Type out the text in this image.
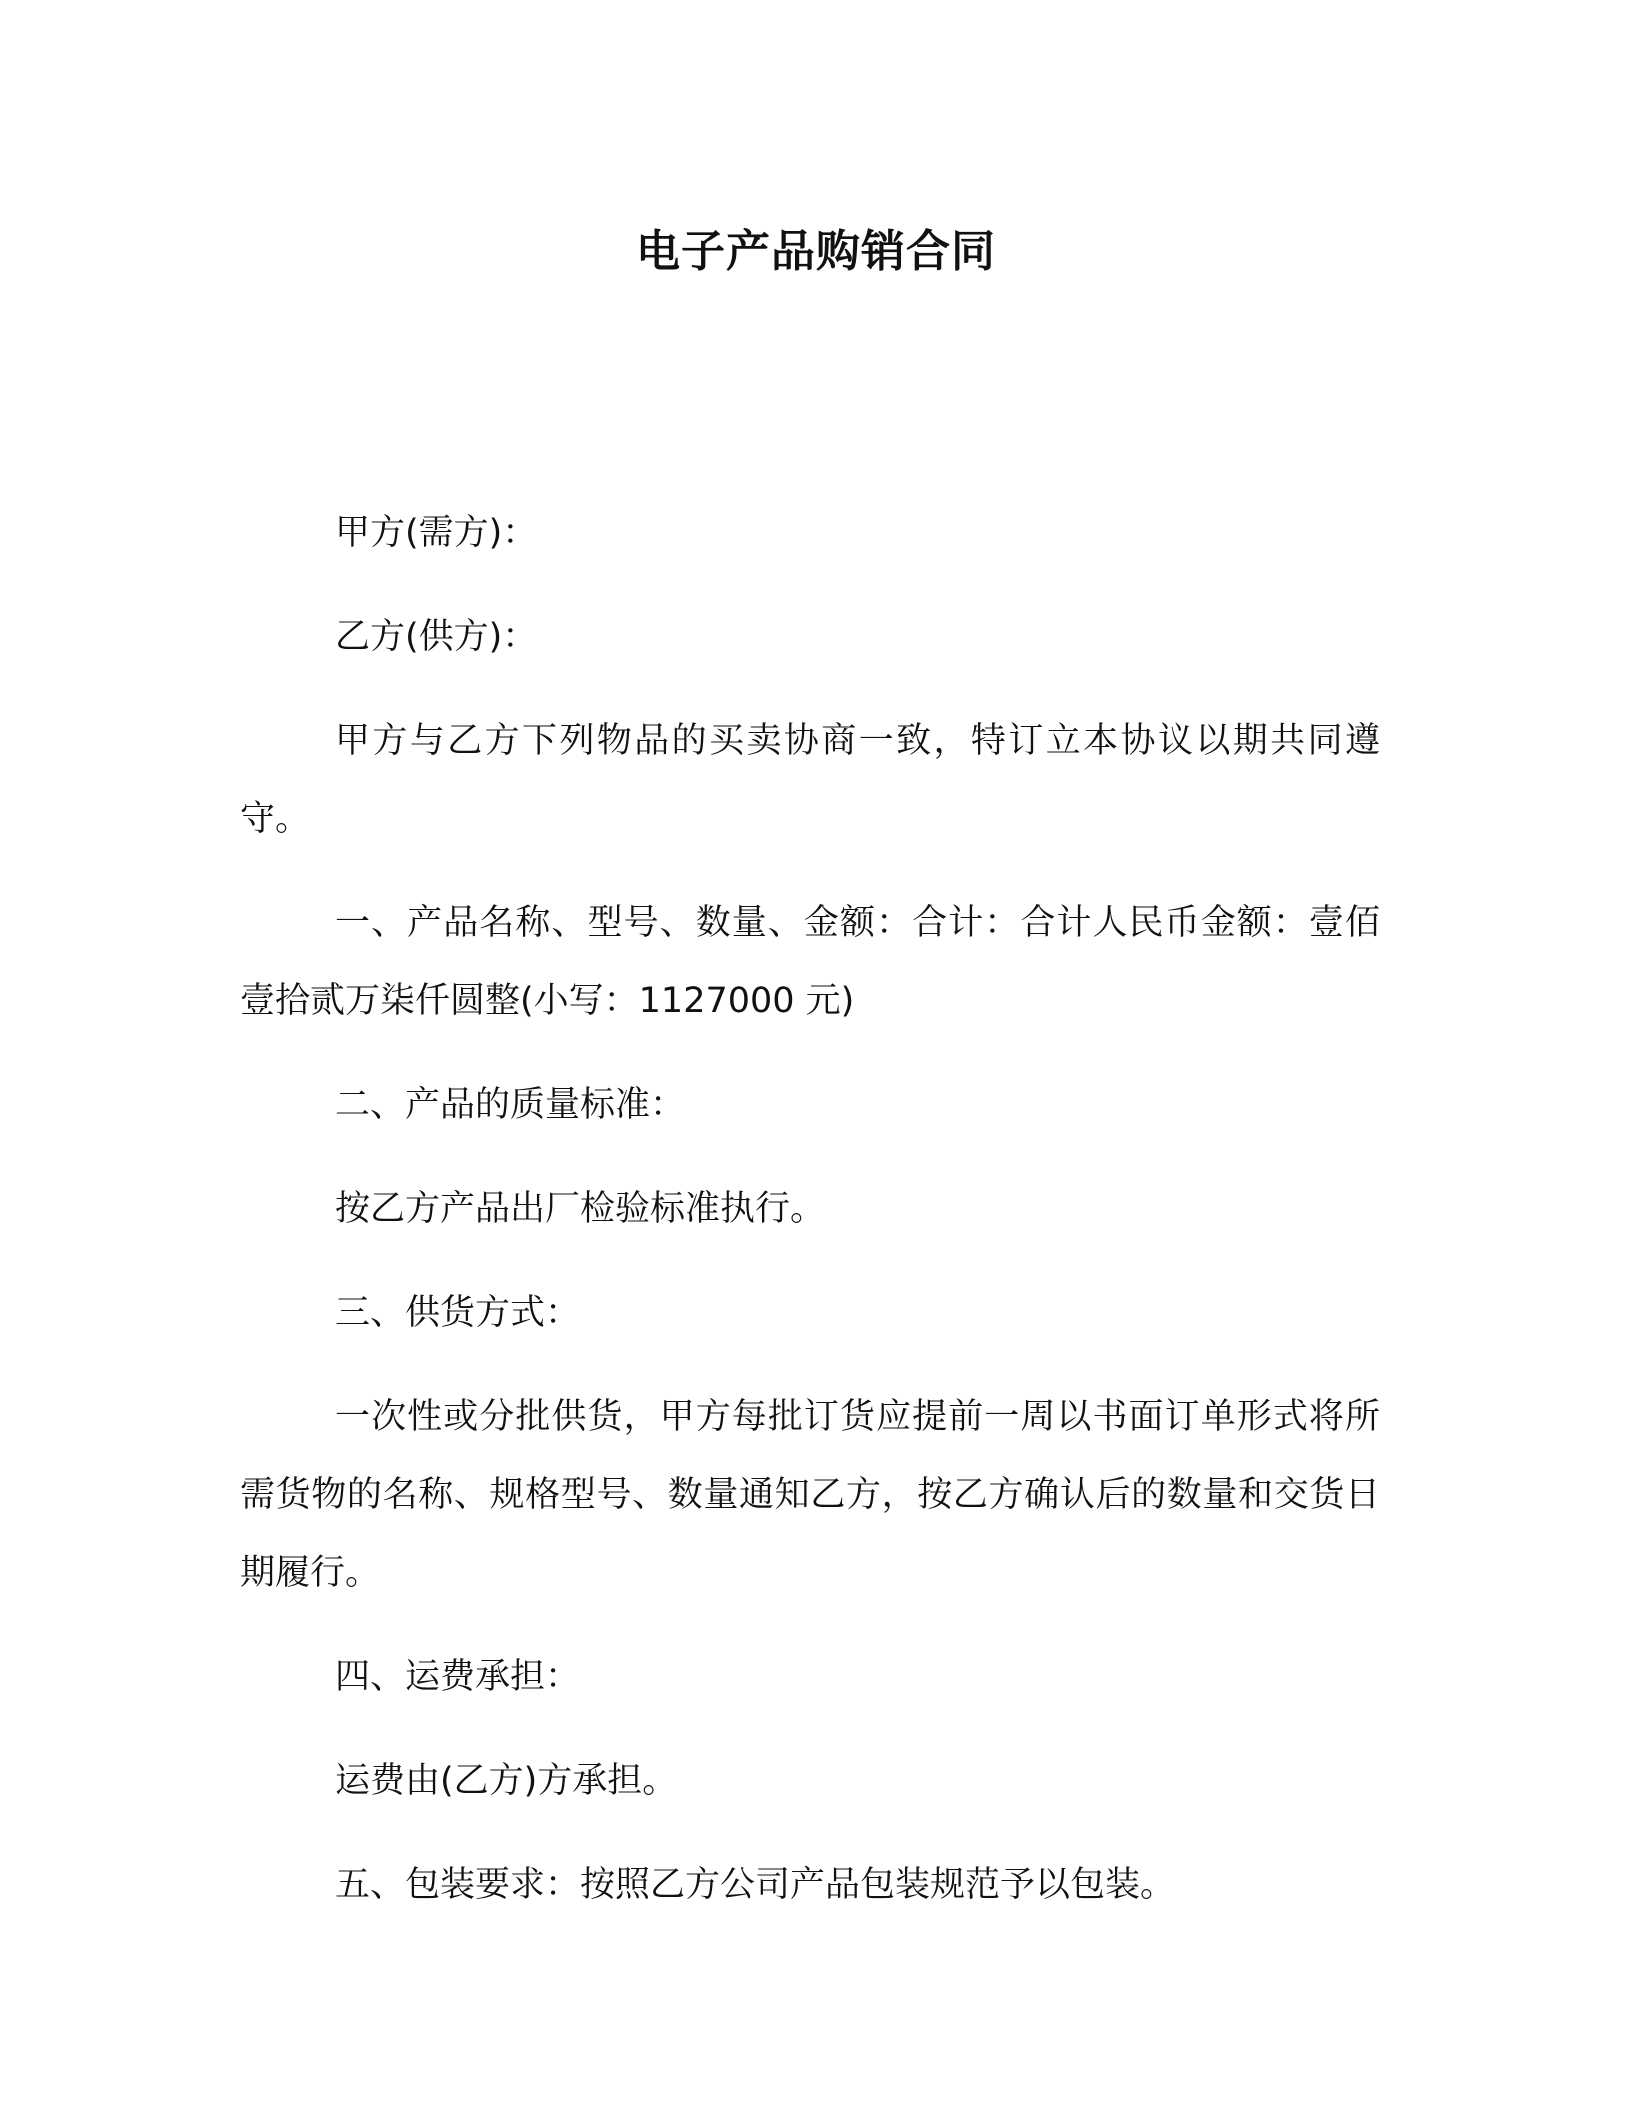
电子产品购销合同

甲方(需方)：

乙方(供方)：

甲方与乙方下列物品的买卖协商一致，特订立本协议以期共同遵守。

一、产品名称、型号、数量、金额：合计：合计人民币金额：壹佰壹拾贰万柒仟圆整(小写：1127000 元)

二、产品的质量标准：

按乙方产品出厂检验标准执行。

三、供货方式：

一次性或分批供货，甲方每批订货应提前一周以书面订单形式将所需货物的名称、规格型号、数量通知乙方，按乙方确认后的数量和交货日期履行。

四、运费承担：

运费由(乙方)方承担。

五、包装要求：按照乙方公司产品包装规范予以包装。
